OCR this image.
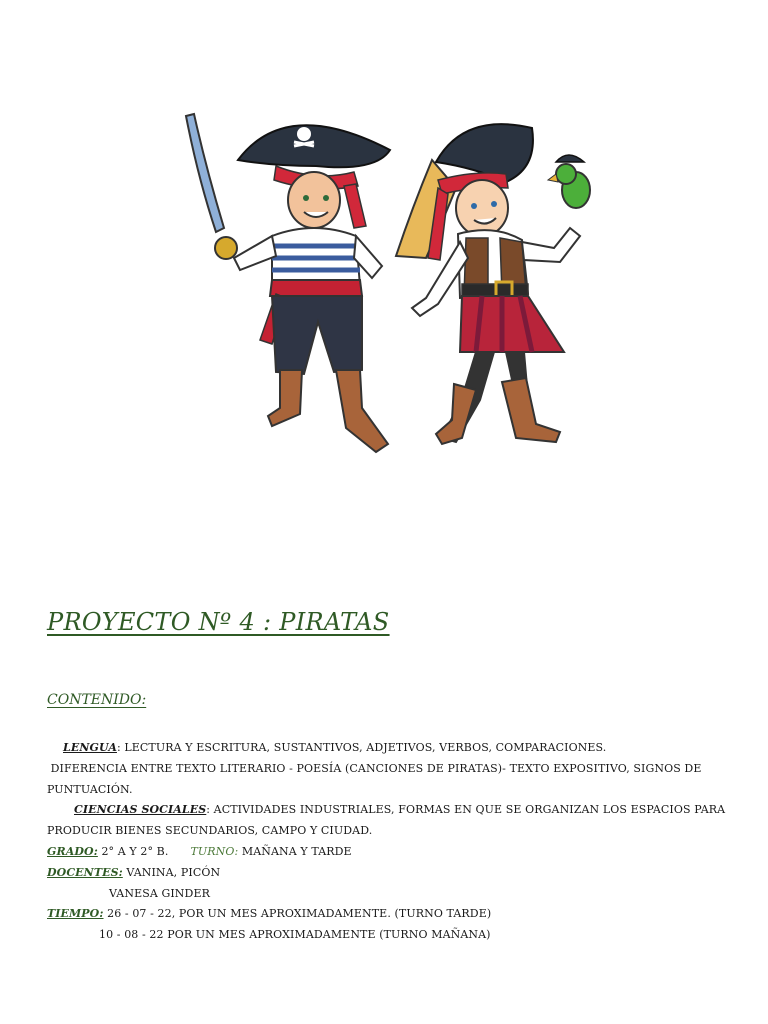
PROYECTO Nº 4 : PIRATAS
CONTENIDO:
LENGUA: LECTURA Y ESCRITURA, SUSTANTIVOS, ADJETIVOS, VERBOS, COMPARACIONES.
DIFERENCIA ENTRE TEXTO LITERARIO - POESÍA (CANCIONES DE PIRATAS)- TEXTO EXPOSITIVO, SIGNOS DE
PUNTUACIÓN.
CIENCIAS SOCIALES: ACTIVIDADES INDUSTRIALES, FORMAS EN QUE SE ORGANIZAN LOS ESPACIOS PARA
PRODUCIR BIENES SECUNDARIOS, CAMPO Y CIUDAD.
GRADO: 2° A Y 2° B. TURNO: MAÑANA Y TARDE
DOCENTES: VANINA, PICÓN
VANESA GINDER
TIEMPO: 26 - 07 - 22, POR UN MES APROXIMADAMENTE. (TURNO TARDE)
10 - 08 - 22 POR UN MES APROXIMADAMENTE (TURNO MAÑANA)
